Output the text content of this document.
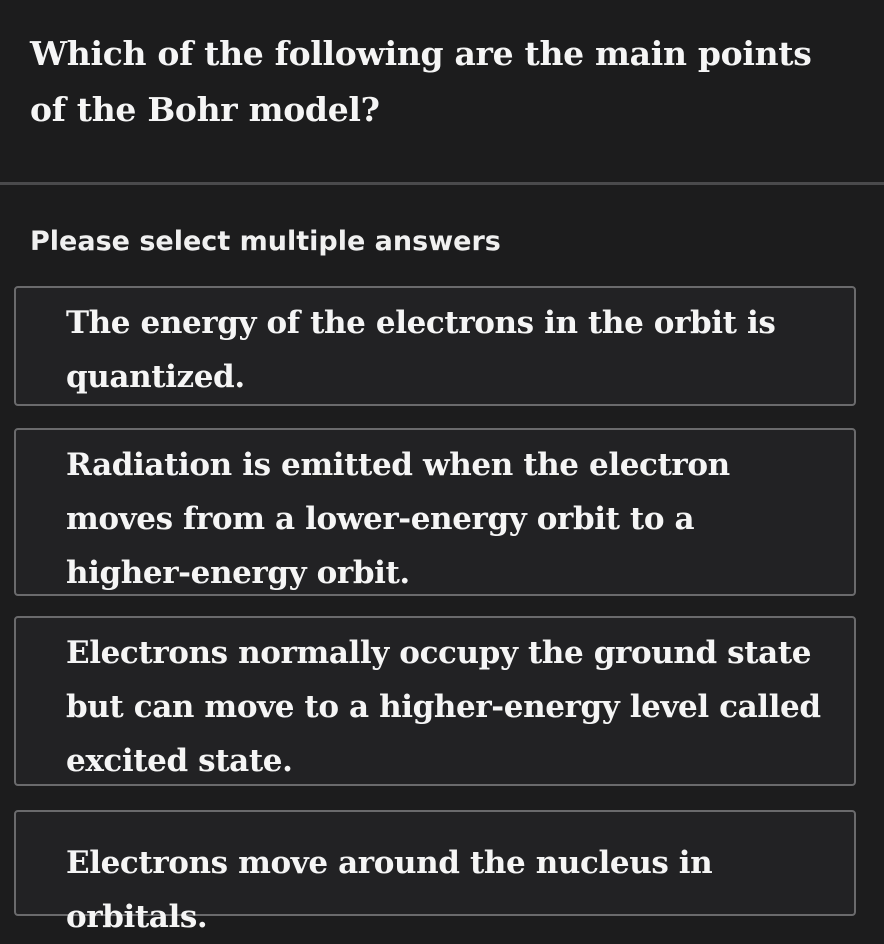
Which of the following are the main points of the Bohr model?
Please select multiple answers
The energy of the electrons in the orbit is quantized.
Radiation is emitted when the electron moves from a lower-energy orbit to a higher-energy orbit.
Electrons normally occupy the ground state but can move to a higher-energy level called excited state.
Electrons move around the nucleus in orbitals.
